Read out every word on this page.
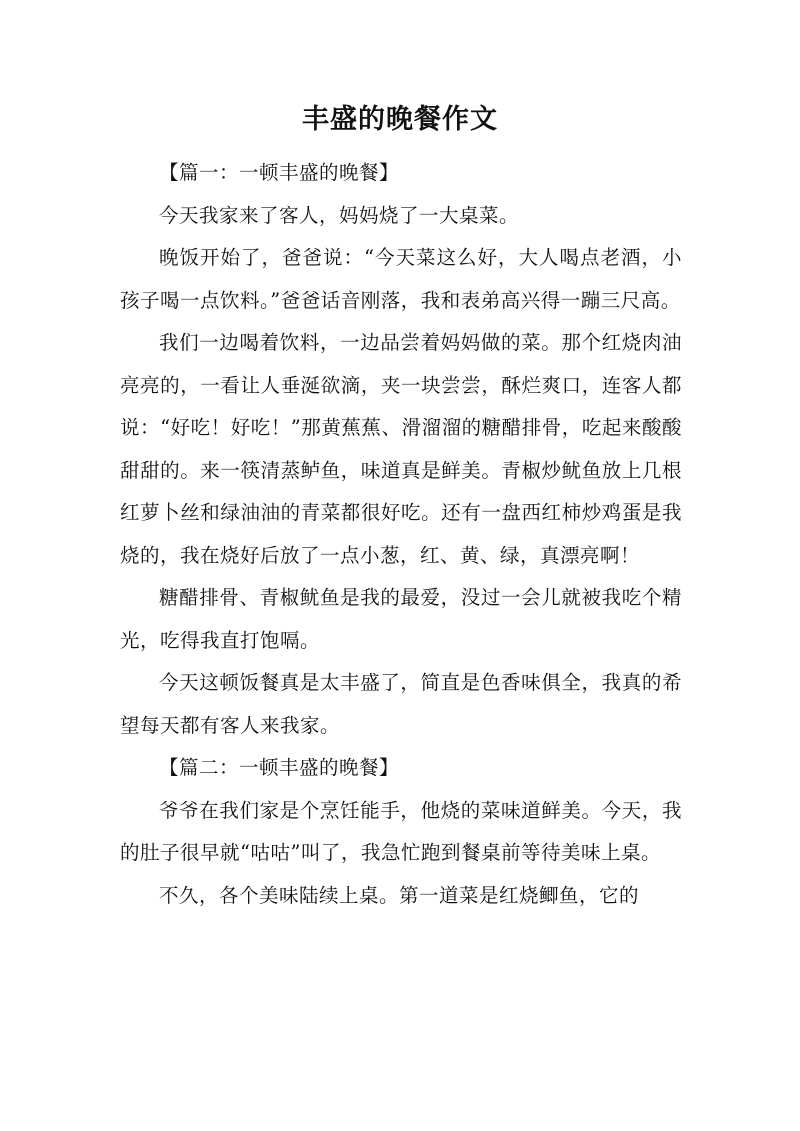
丰盛的晚餐作文

【篇一：一顿丰盛的晚餐】

今天我家来了客人，妈妈烧了一大桌菜。

晚饭开始了，爸爸说：“今天菜这么好，大人喝点老酒，小孩子喝一点饮料。”爸爸话音刚落，我和表弟高兴得一蹦三尺高。

我们一边喝着饮料，一边品尝着妈妈做的菜。那个红烧肉油亮亮的，一看让人垂涎欲滴，夹一块尝尝，酥烂爽口，连客人都说：“好吃！好吃！”那黄蕉蕉、滑溜溜的糖醋排骨，吃起来酸酸甜甜的。来一筷清蒸鲈鱼，味道真是鲜美。青椒炒鱿鱼放上几根红萝卜丝和绿油油的青菜都很好吃。还有一盘西红柿炒鸡蛋是我烧的，我在烧好后放了一点小葱，红、黄、绿，真漂亮啊！

糖醋排骨、青椒鱿鱼是我的最爱，没过一会儿就被我吃个精光，吃得我直打饱嗝。

今天这顿饭餐真是太丰盛了，简直是色香味俱全，我真的希望每天都有客人来我家。

【篇二：一顿丰盛的晚餐】

爷爷在我们家是个烹饪能手，他烧的菜味道鲜美。今天，我的肚子很早就“咕咕”叫了，我急忙跑到餐桌前等待美味上桌。

不久，各个美味陆续上桌。第一道菜是红烧鲫鱼，它的
